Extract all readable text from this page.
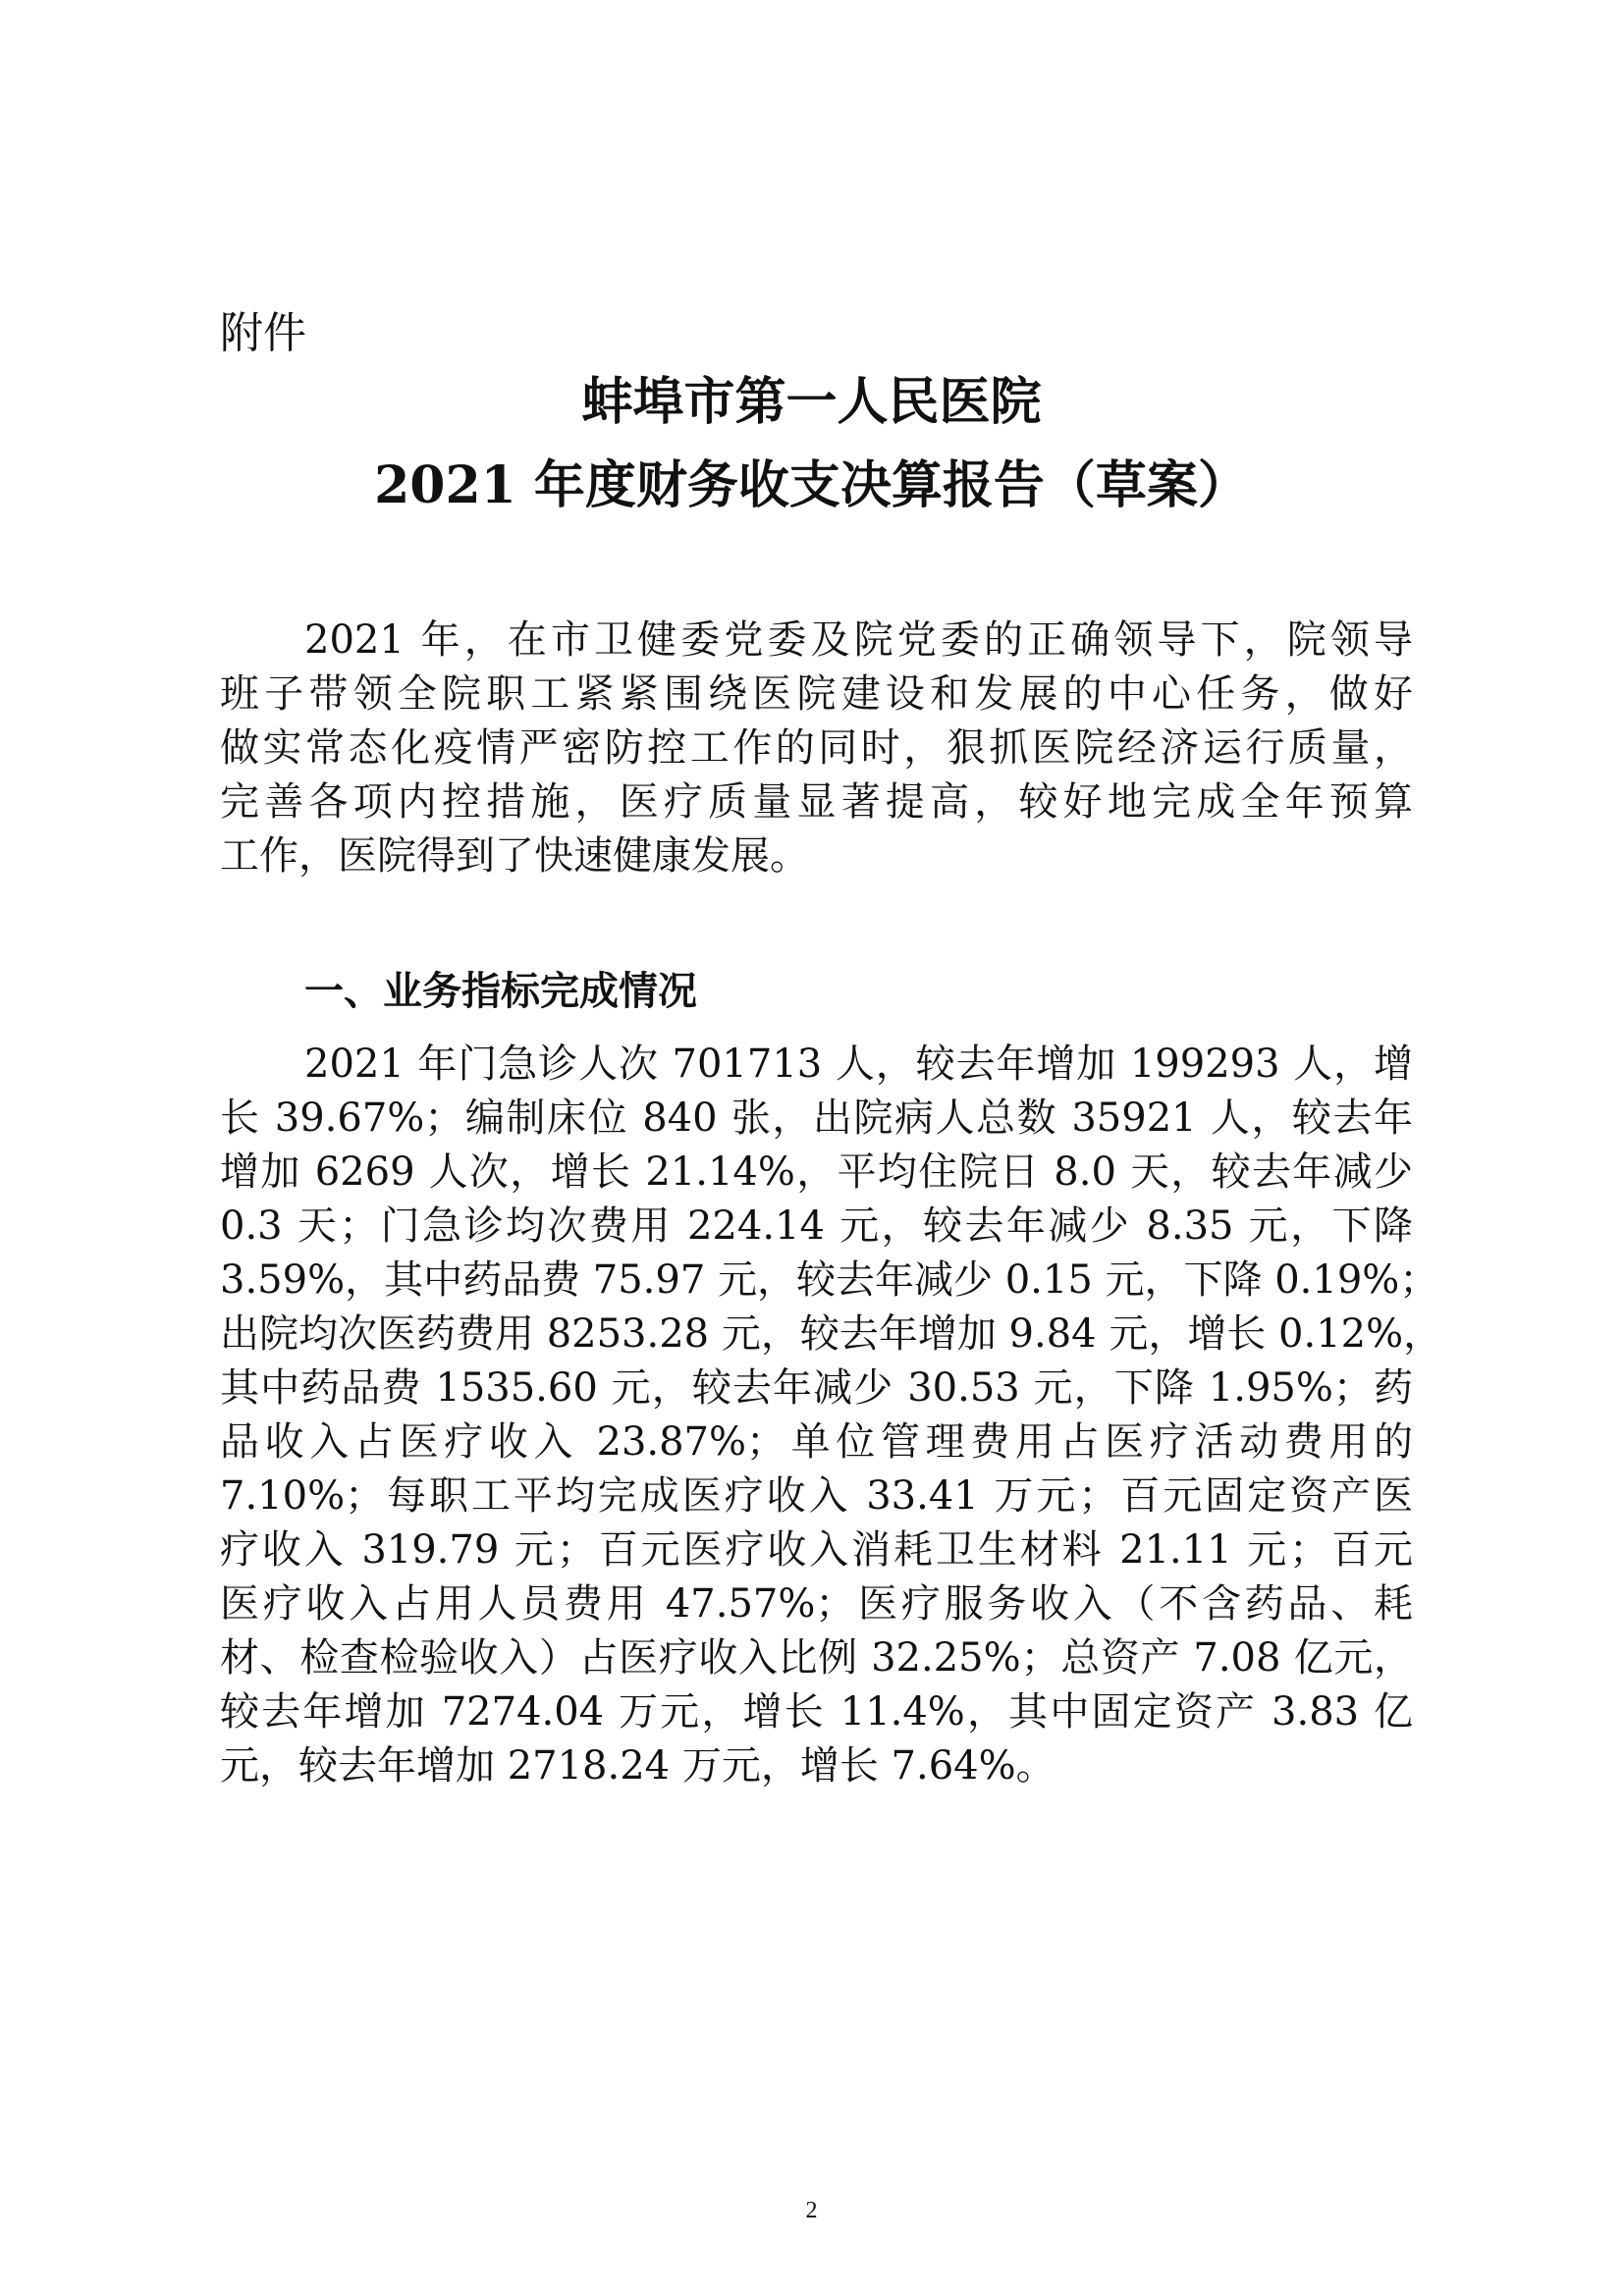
附件

蚌埠市第一人民医院
2021 年度财务收支决算报告（草案）

2021 年，在市卫健委党委及院党委的正确领导下，院领导

班子带领全院职工紧紧围绕医院建设和发展的中心任务，做好

做实常态化疫情严密防控工作的同时，狠抓医院经济运行质量，

完善各项内控措施，医疗质量显著提高，较好地完成全年预算

工作，医院得到了快速健康发展。

一、业务指标完成情况

2021 年门急诊人次 701713 人，较去年增加 199293 人，增

长 39.67%；编制床位 840 张，出院病人总数 35921 人，较去年

增加 6269 人次，增长 21.14%，平均住院日 8.0 天，较去年减少

0.3 天；门急诊均次费用 224.14 元，较去年减少 8.35 元，下降

3.59%，其中药品费 75.97 元，较去年减少 0.15 元，下降 0.19%；

出院均次医药费用 8253.28 元，较去年增加 9.84 元，增长 0.12%，

其中药品费 1535.60 元，较去年减少 30.53 元，下降 1.95%；药

品收入占医疗收入 23.87%；单位管理费用占医疗活动费用的

7.10%；每职工平均完成医疗收入 33.41 万元；百元固定资产医

疗收入 319.79 元；百元医疗收入消耗卫生材料 21.11 元；百元

医疗收入占用人员费用 47.57%；医疗服务收入（不含药品、耗

材、检查检验收入）占医疗收入比例 32.25%；总资产 7.08 亿元，

较去年增加 7274.04 万元，增长 11.4%，其中固定资产 3.83 亿

元，较去年增加 2718.24 万元，增长 7.64%。

2
